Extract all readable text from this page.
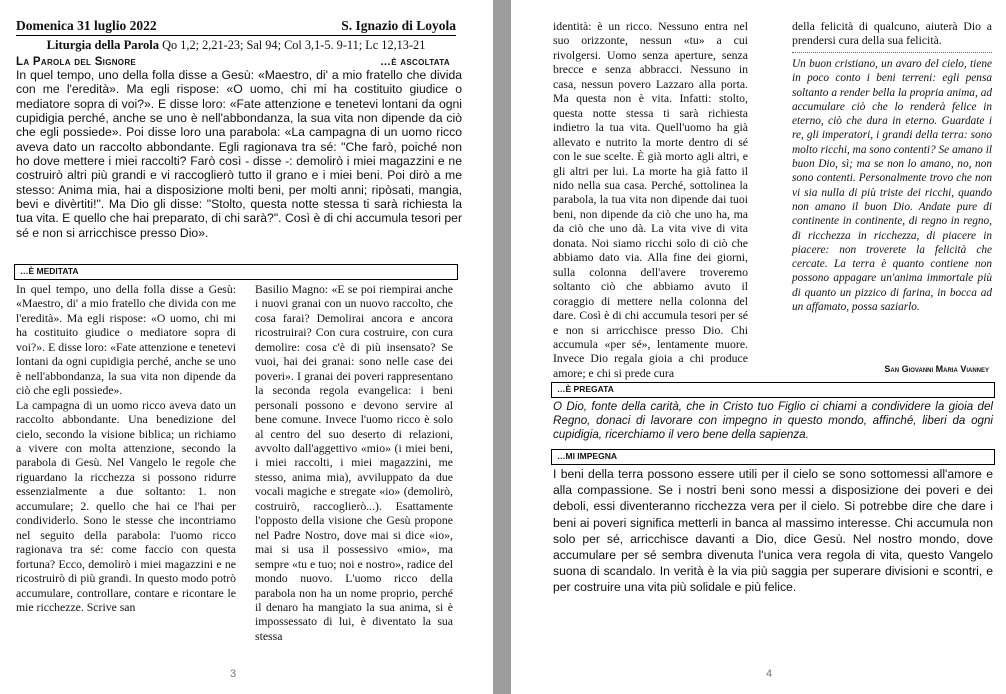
Domenica 31 luglio 2022	S. Ignazio di Loyola
Liturgia della Parola Qo 1,2; 2,21-23; Sal 94; Col 3,1-5. 9-11; Lc 12,13-21
La Parola del Signore	…è ascoltata
In quel tempo, uno della folla disse a Gesù: «Maestro, di' a mio fratello che divida con me l'eredità». Ma egli rispose: «O uomo, chi mi ha costituito giudice o mediatore sopra di voi?». E disse loro: «Fate attenzione e tenetevi lontani da ogni cupidigia perché, anche se uno è nell'abbondanza, la sua vita non dipende da ciò che egli possiede». Poi disse loro una parabola: «La campagna di un uomo ricco aveva dato un raccolto abbondante. Egli ragionava tra sé: "Che farò, poiché non ho dove mettere i miei raccolti? Farò così - disse -: demolirò i miei magazzini e ne costruirò altri più grandi e vi raccoglierò tutto il grano e i miei beni. Poi dirò a me stesso: Anima mia, hai a disposizione molti beni, per molti anni; ripòsati, mangia, bevi e divèrtiti!". Ma Dio gli disse: "Stolto, questa notte stessa ti sarà richiesta la tua vita. E quello che hai preparato, di chi sarà?". Così è di chi accumula tesori per sé e non si arricchisce presso Dio».
…È MEDITATA

In quel tempo, uno della folla disse a Gesù: «Maestro, di' a mio fratello che divida con me l'eredità». Ma egli rispose: «O uomo, chi mi ha costituito giudice o mediatore sopra di voi?». E disse loro: «Fate attenzione e tenetevi lontani da ogni cupidigia perché, anche se uno è nell'abbondanza, la sua vita non dipende da ciò che egli possiede».

La campagna di un uomo ricco aveva dato un raccolto abbondante. Una benedizione del cielo, secondo la visione biblica; un richiamo a vivere con molta attenzione, secondo la parabola di Gesù. Nel Vangelo le regole che riguardano la ricchezza si possono ridurre essenzialmente a due soltanto: 1. non accumulare; 2. quello che hai ce l'hai per condividerlo. Sono le stesse che incontriamo nel seguito della parabola: l'uomo ricco ragionava tra sé: come faccio con questa fortuna? Ecco, demolirò i miei magazzini e ne ricostruirò di più grandi. In questo modo potrò accumulare, controllare, contare e ricontare le mie ricchezze. Scrive san

Basilio Magno: «E se poi riempirai anche i nuovi granai con un nuovo raccolto, che cosa farai? Demolirai ancora e ancora ricostruirai? Con cura costruire, con cura demolire: cosa c'è di più insensato? Se vuoi, hai dei granai: sono nelle case dei poveri». I granai dei poveri rappresentano la seconda regola evangelica: i beni personali possono e devono servire al bene comune. Invece l'uomo ricco è solo al centro del suo deserto di relazioni, avvolto dall'aggettivo «mio» (i miei beni, i miei raccolti, i miei magazzini, me stesso, anima mia), avviluppato da due vocali magiche e stregate «io» (demolirò, costruirò, raccoglierò...). Esattamente l'opposto della visione che Gesù propone nel Padre Nostro, dove mai si dice «io», mai si usa il possessivo «mio», ma sempre «tu e tuo; noi e nostro», radice del mondo nuovo. L'uomo ricco della parabola non ha un nome proprio, perché il denaro ha mangiato la sua anima, si è impossessato di lui, è diventato la sua stessa
3
identità: è un ricco. Nessuno entra nel suo orizzonte, nessun «tu» a cui rivolgersi. Uomo senza aperture, senza brecce e senza abbracci. Nessuno in casa, nessun povero Lazzaro alla porta. Ma questa non è vita. Infatti: stolto, questa notte stessa ti sarà richiesta indietro la tua vita. Quell'uomo ha già allevato e nutrito la morte dentro di sé con le sue scelte. È già morto agli altri, e gli altri per lui. La morte ha già fatto il nido nella sua casa. Perché, sottolinea la parabola, la tua vita non dipende dai tuoi beni, non dipende da ciò che uno ha, ma da ciò che uno dà. La vita vive di vita donata. Noi siamo ricchi solo di ciò che abbiamo dato via. Alla fine dei giorni, sulla colonna dell'avere troveremo soltanto ciò che abbiamo avuto il coraggio di mettere nella colonna del dare. Così è di chi accumula tesori per sé e non si arricchisce presso Dio. Chi accumula «per sé», lentamente muore. Invece Dio regala gioia a chi produce amore; e chi si prede cura
della felicità di qualcuno, aiuterà Dio a prendersi cura della sua felicità.
Un buon cristiano, un avaro del cielo, tiene in poco conto i beni terreni: egli pensa soltanto a render bella la propria anima, ad accumulare ciò che lo renderà felice in eterno, ciò che dura in eterno. Guardate i re, gli imperatori, i grandi della terra: sono molto ricchi, ma sono contenti? Se amano il buon Dio, sì; ma se non lo amano, no, non sono contenti. Personalmente trovo che non vi sia nulla di più triste dei ricchi, quando non amano il buon Dio. Andate pure di continente in continente, di regno in regno, di ricchezza in ricchezza, di piacere in piacere: non troverete la felicità che cercate. La terra è quanto contiene non possono appagare un'anima immortale più di quanto un pizzico di farina, in bocca ad un affamato, possa saziarlo.
San Giovanni Maria Vianney
…È PREGATA
O Dio, fonte della carità, che in Cristo tuo Figlio ci chiami a condividere la gioia del Regno, donaci di lavorare con impegno in questo mondo, affinché, liberi da ogni cupidigia, ricerchiamo il vero bene della sapienza.
…MI IMPEGNA
I beni della terra possono essere utili per il cielo se sono sottomessi all'amore e alla compassione. Se i nostri beni sono messi a disposizione dei poveri e dei deboli, essi diventeranno ricchezza vera per il cielo. Si potrebbe dire che dare i beni ai poveri significa metterli in banca al massimo interesse. Chi accumula non solo per sé, arricchisce davanti a Dio, dice Gesù. Nel nostro mondo, dove accumulare per sé sembra divenuta l'unica vera regola di vita, questo Vangelo suona di scandalo. In verità è la via più saggia per superare divisioni e scontri, e per costruire una vita più solidale e più felice.
4
